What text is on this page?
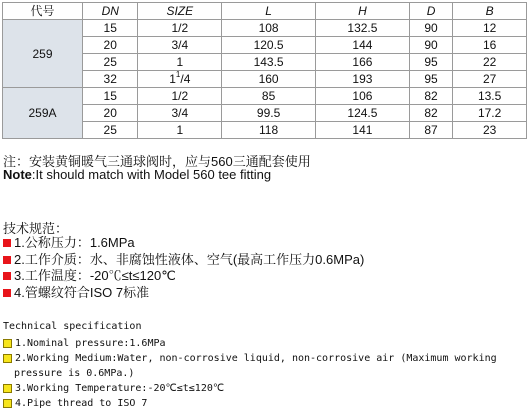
代号	DN	SIZE	L	H	D	B
259	15	1/2	108	132.5	90	12
	20	3/4	120.5	144	90	16
	25	1	143.5	166	95	22
	32	$1^1/4$	160	193	95	27
259A	15	1/2	85	106	82	13.5
	20	3/4	99.5	124.5	82	17.2
	25	1	118	141	87	23
注：安装黄铜暖气三通球阀时，应与560三通配套使用
Note:It should match with Model 560 tee fitting
技术规范：
1.公称压力：1.6MPa
2.工作介质：水、非腐蚀性液体、空气(最高工作压力0.6MPa)
3.工作温度：-20℃≤t≤120℃
4.管螺纹符合ISO 7标准
Technical specification
1.Nominal pressure:1.6MPa
2.Working Medium:Water, non-corrosive liquid, non-corrosive air (Maximum working
pressure is 0.6MPa.)
3.Working Temperature:-20℃≤t≤120℃
4.Pipe thread to ISO 7
